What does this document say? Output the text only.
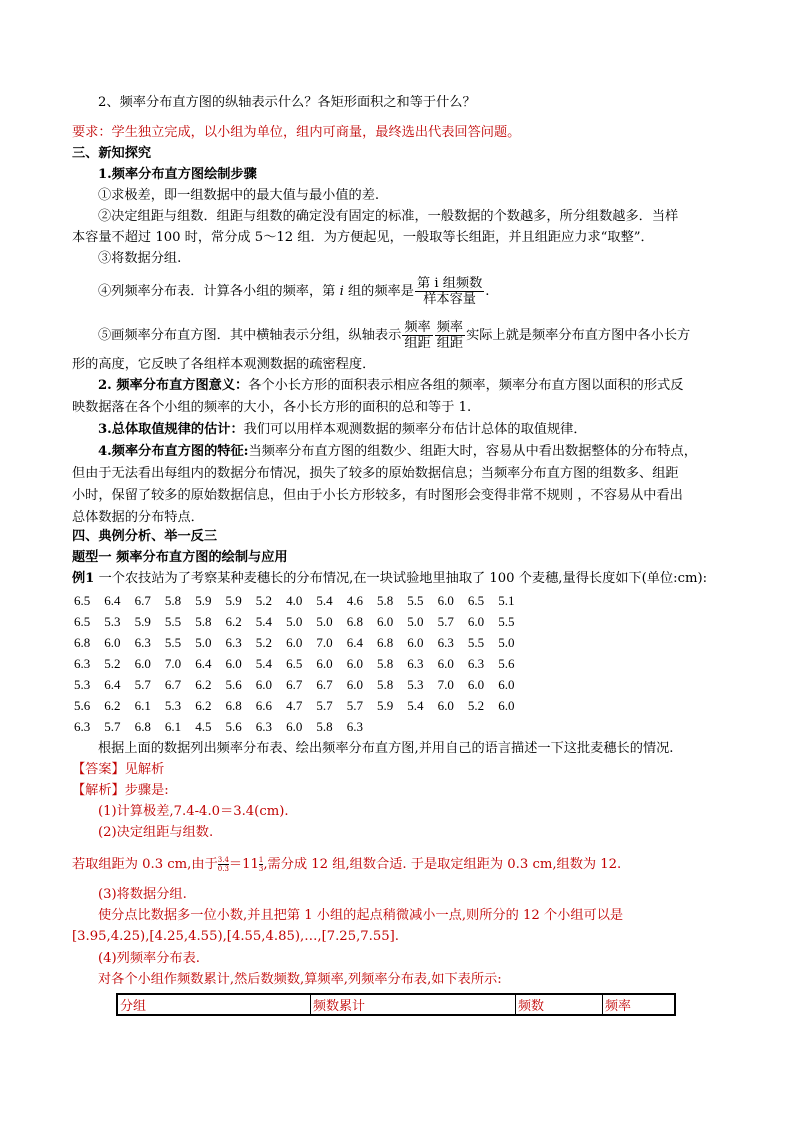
2、频率分布直方图的纵轴表示什么？各矩形面积之和等于什么？
要求：学生独立完成，以小组为单位，组内可商量，最终选出代表回答问题。
三、新知探究
1.频率分布直方图绘制步骤
①求极差，即一组数据中的最大值与最小值的差.
②决定组距与组数．组距与组数的确定没有固定的标准，一般数据的个数越多，所分组数越多．当样
本容量不超过 100 时，常分成 5～12 组．为方便起见，一般取等长组距，并且组距应力求“取整”．
③将数据分组.
④列频率分布表．计算各小组的频率，第 i 组的频率是 $\frac{\text{第 i 组频数}}{\text{样本容量}}$ .
⑤画频率分布直方图．其中横轴表示分组，纵轴表示 $\frac{\text{频率}}{\text{组距}} \frac{\text{频率}}{\text{组距}}$ 实际上就是频率分布直方图中各小长方
形的高度，它反映了各组样本观测数据的疏密程度．
2. 频率分布直方图意义：各个小长方形的面积表示相应各组的频率，频率分布直方图以面积的形式反
映数据落在各个小组的频率的大小，各小长方形的面积的总和等于 1.
3.总体取值规律的估计：我们可以用样本观测数据的频率分布估计总体的取值规律．
4.频率分布直方图的特征:当频率分布直方图的组数少、组距大时，容易从中看出数据整体的分布特点，
但由于无法看出每组内的数据分布情况，损失了较多的原始数据信息；当频率分布直方图的组数多、组距
小时，保留了较多的原始数据信息，但由于小长方形较多，有时图形会变得非常不规则 ，不容易从中看出
总体数据的分布特点．
四、典例分析、举一反三
题型一 频率分布直方图的绘制与应用
例1 一个农技站为了考察某种麦穗长的分布情况,在一块试验地里抽取了 100 个麦穗,量得长度如下(单位:cm):
6.5	6.4	6.7	5.8	5.9	5.9	5.2	4.0	5.4	4.6	5.8	5.5	6.0	6.5	5.1
6.5	5.3	5.9	5.5	5.8	6.2	5.4	5.0	5.0	6.8	6.0	5.0	5.7	6.0	5.5
6.8	6.0	6.3	5.5	5.0	6.3	5.2	6.0	7.0	6.4	6.8	6.0	6.3	5.5	5.0
6.3	5.2	6.0	7.0	6.4	6.0	5.4	6.5	6.0	6.0	5.8	6.3	6.0	6.3	5.6
5.3	6.4	5.7	6.7	6.2	5.6	6.0	6.7	6.7	6.0	5.8	5.3	7.0	6.0	6.0
5.6	6.2	6.1	5.3	6.2	6.8	6.6	4.7	5.7	5.7	5.9	5.4	6.0	5.2	6.0
6.3	5.7	6.8	6.1	4.5	5.6	6.3	6.0	5.8	6.3
根据上面的数据列出频率分布表、绘出频率分布直方图,并用自己的语言描述一下这批麦穗长的情况.
【答案】见解析
【解析】步骤是:
(1)计算极差,7.4-4.0＝3.4(cm).
(2)决定组距与组数.
若取组距为 0.3 cm,由于 $\frac{3.4}{0.3} =11 \frac{1}{3}$ ,需分成 12 组,组数合适. 于是取定组距为 0.3 cm,组数为 12.
(3)将数据分组.
使分点比数据多一位小数,并且把第 1 小组的起点稍微减小一点,则所分的 12 个小组可以是
[3.95,4.25),[4.25,4.55),[4.55,4.85),…,[7.25,7.55].
(4)列频率分布表.
对各个小组作频数累计,然后数频数,算频率,列频率分布表,如下表所示:
分组	频数累计	频数	频率
